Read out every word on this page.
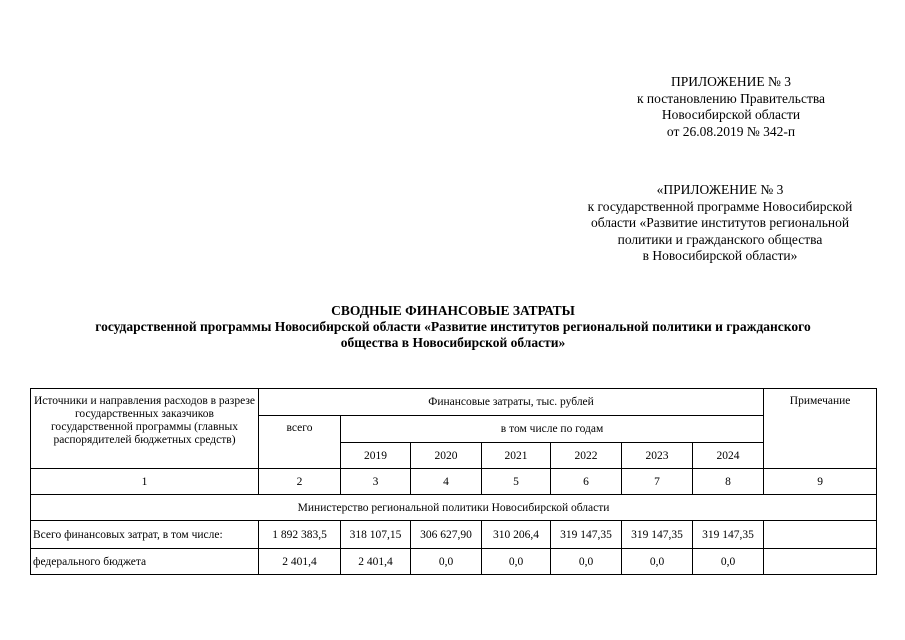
ПРИЛОЖЕНИЕ № 3
к постановлению Правительства
Новосибирской области
от 26.08.2019 № 342-п
«ПРИЛОЖЕНИЕ № 3
к государственной программе Новосибирской
области «Развитие институтов региональной
политики и гражданского общества
в Новосибирской области»
СВОДНЫЕ ФИНАНСОВЫЕ ЗАТРАТЫ
государственной программы Новосибирской области «Развитие институтов региональной политики и гражданского
общества в Новосибирской области»
Источники и направления расходов в разрезе государственных заказчиков государственной программы (главных распорядителей бюджетных средств)	Финансовые затраты, тыс. рублей							Примечание
	всего	в том числе по годам						
		2019	2020	2021	2022	2023	2024	
1	2	3	4	5	6	7	8	9
Министерство региональной политики Новосибирской области								
Всего финансовых затрат, в том числе:	1 892 383,5	318 107,15	306 627,90	310 206,4	319 147,35	319 147,35	319 147,35	
федерального бюджета	2 401,4	2 401,4	0,0	0,0	0,0	0,0	0,0	
